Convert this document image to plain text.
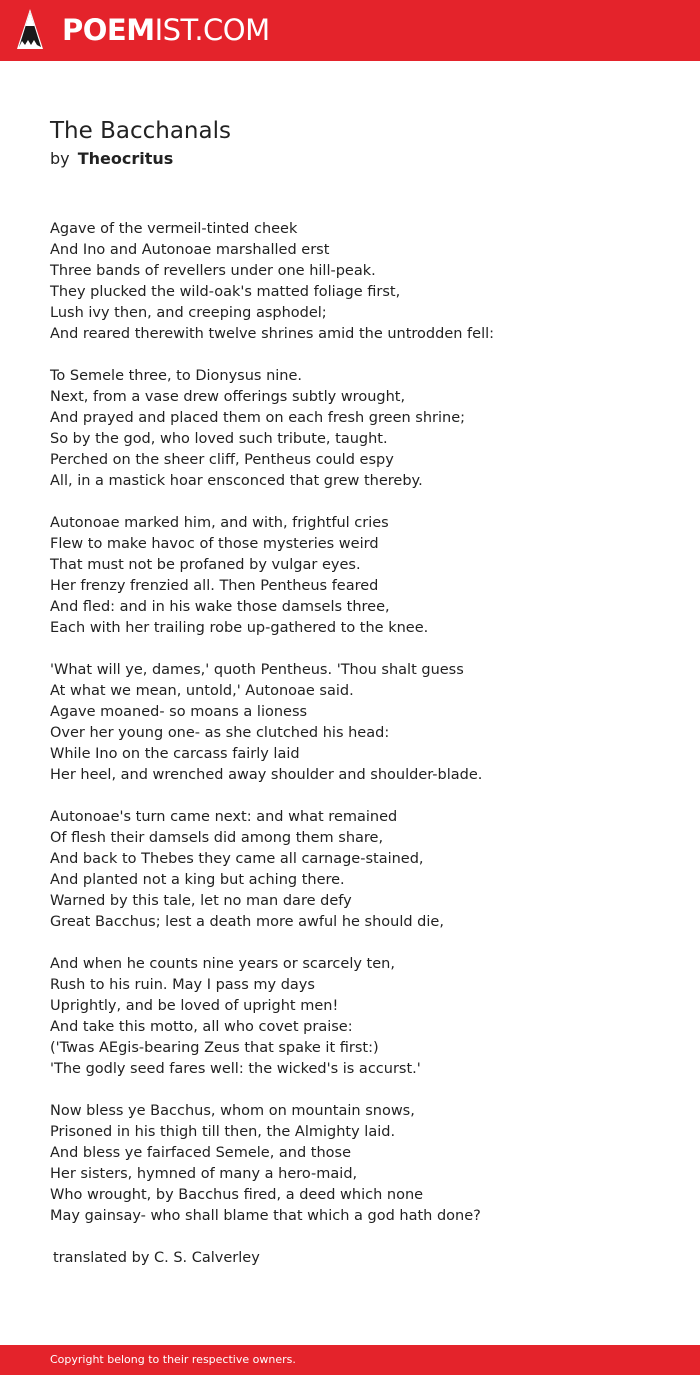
POEMIST.COM
The Bacchanals
by Theocritus
Agave of the vermeil-tinted cheek
And Ino and Autonoae marshalled erst
Three bands of revellers under one hill-peak.
They plucked the wild-oak's matted foliage first,
Lush ivy then, and creeping asphodel;
And reared therewith twelve shrines amid the untrodden fell:
To Semele three, to Dionysus nine.
Next, from a vase drew offerings subtly wrought,
And prayed and placed them on each fresh green shrine;
So by the god, who loved such tribute, taught.
Perched on the sheer cliff, Pentheus could espy
All, in a mastick hoar ensconced that grew thereby.
Autonoae marked him, and with, frightful cries
Flew to make havoc of those mysteries weird
That must not be profaned by vulgar eyes.
Her frenzy frenzied all. Then Pentheus feared
And fled: and in his wake those damsels three,
Each with her trailing robe up-gathered to the knee.
'What will ye, dames,' quoth Pentheus. 'Thou shalt guess
At what we mean, untold,' Autonoae said.
Agave moaned- so moans a lioness
Over her young one- as she clutched his head:
While Ino on the carcass fairly laid
Her heel, and wrenched away shoulder and shoulder-blade.
Autonoae's turn came next: and what remained
Of flesh their damsels did among them share,
And back to Thebes they came all carnage-stained,
And planted not a king but aching there.
Warned by this tale, let no man dare defy
Great Bacchus; lest a death more awful he should die,
And when he counts nine years or scarcely ten,
Rush to his ruin. May I pass my days
Uprightly, and be loved of upright men!
And take this motto, all who covet praise:
('Twas AEgis-bearing Zeus that spake it first:)
'The godly seed fares well: the wicked's is accurst.'
Now bless ye Bacchus, whom on mountain snows,
Prisoned in his thigh till then, the Almighty laid.
And bless ye fairfaced Semele, and those
Her sisters, hymned of many a hero-maid,
Who wrought, by Bacchus fired, a deed which none
May gainsay- who shall blame that which a god hath done?
translated by C. S. Calverley
Copyright belong to their respective owners.
